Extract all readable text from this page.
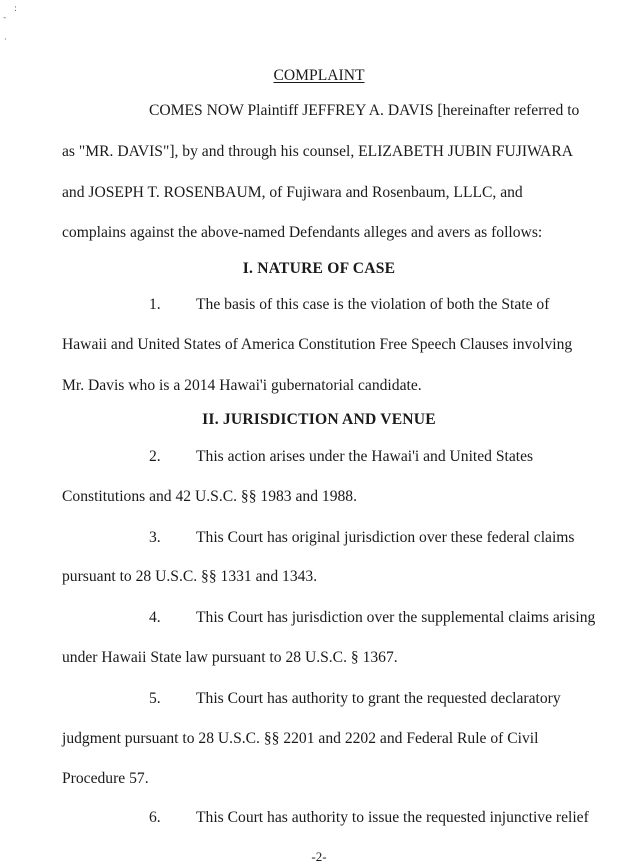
-
:
·
COMPLAINT
COMES NOW Plaintiff JEFFREY A. DAVIS [hereinafter referred to
as "MR. DAVIS"], by and through his counsel, ELIZABETH JUBIN FUJIWARA
and JOSEPH T. ROSENBAUM, of Fujiwara and Rosenbaum, LLLC, and
complains against the above-named Defendants alleges and avers as follows:
I. NATURE OF CASE
1. The basis of this case is the violation of both the State of
Hawaii and United States of America Constitution Free Speech Clauses involving
Mr. Davis who is a 2014 Hawai'i gubernatorial candidate.
II. JURISDICTION AND VENUE
2. This action arises under the Hawai'i and United States
Constitutions and 42 U.S.C. §§ 1983 and 1988.
3. This Court has original jurisdiction over these federal claims
pursuant to 28 U.S.C. §§ 1331 and 1343.
4. This Court has jurisdiction over the supplemental claims arising
under Hawaii State law pursuant to 28 U.S.C. § 1367.
5. This Court has authority to grant the requested declaratory
judgment pursuant to 28 U.S.C. §§ 2201 and 2202 and Federal Rule of Civil
Procedure 57.
6. This Court has authority to issue the requested injunctive relief
-2-
